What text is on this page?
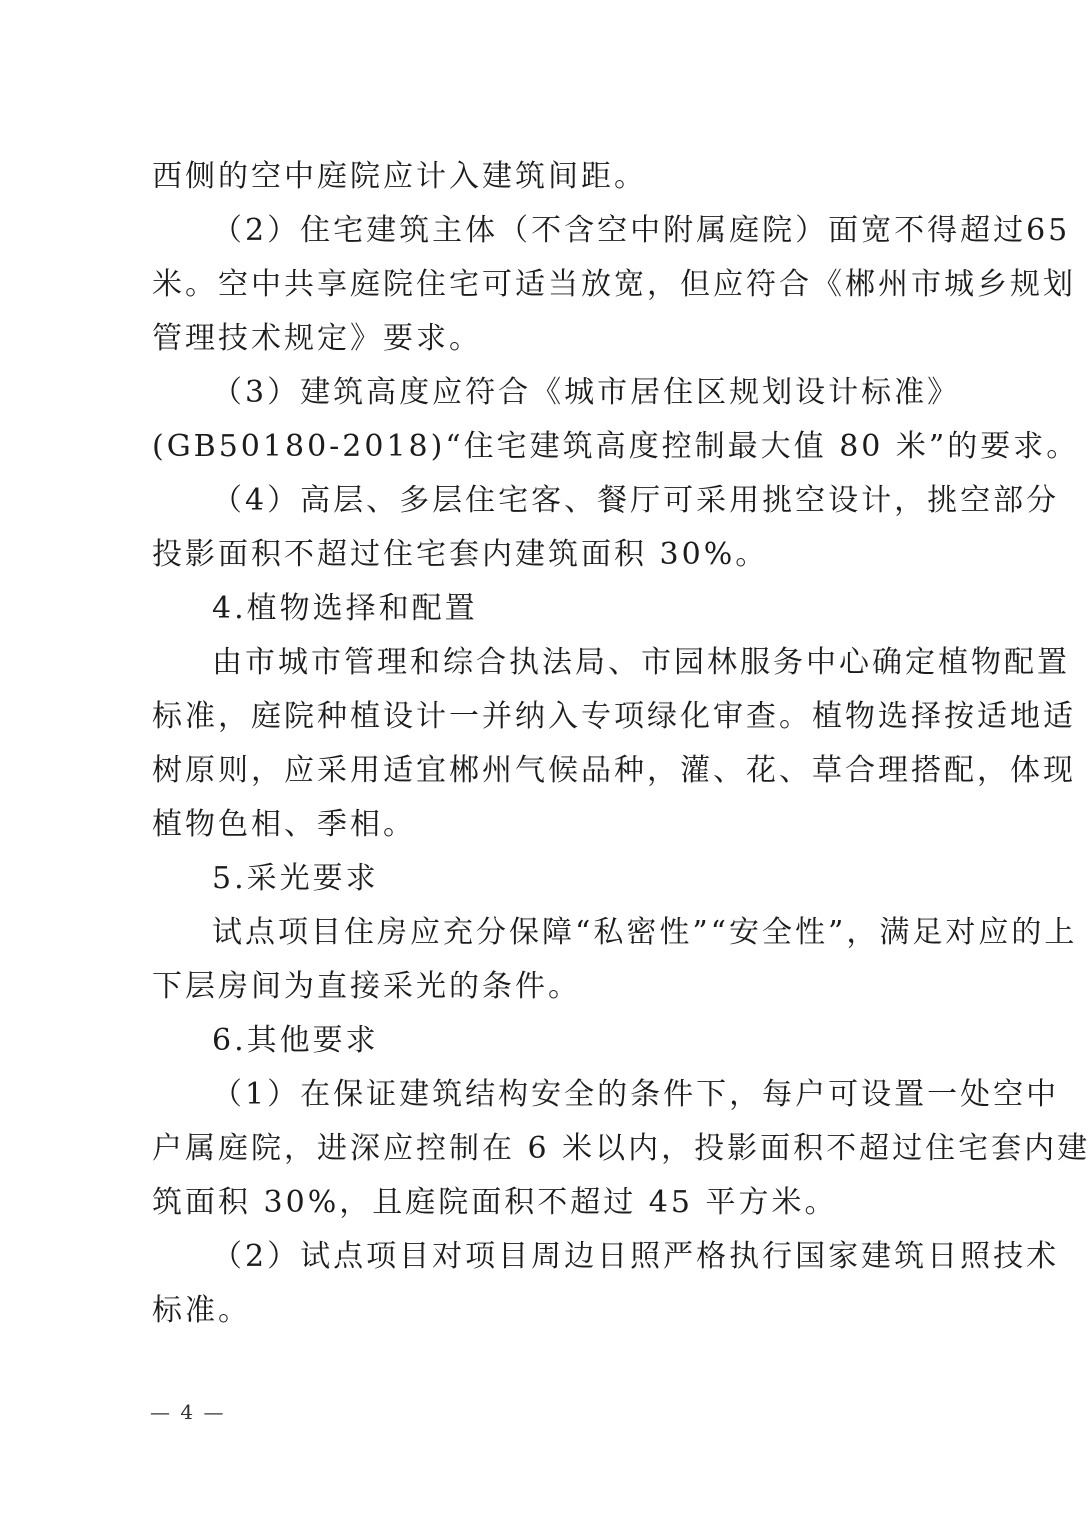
西侧的空中庭院应计入建筑间距。
（2）住宅建筑主体（不含空中附属庭院）面宽不得超过65
米。空中共享庭院住宅可适当放宽，但应符合《郴州市城乡规划
管理技术规定》要求。
（3）建筑高度应符合《城市居住区规划设计标准》
(GB50180-2018)“住宅建筑高度控制最大值 80 米”的要求。
（4）高层、多层住宅客、餐厅可采用挑空设计，挑空部分
投影面积不超过住宅套内建筑面积 30%。
4.植物选择和配置
由市城市管理和综合执法局、市园林服务中心确定植物配置
标准，庭院种植设计一并纳入专项绿化审查。植物选择按适地适
树原则，应采用适宜郴州气候品种，灌、花、草合理搭配，体现
植物色相、季相。
5.采光要求
试点项目住房应充分保障“私密性”“安全性”，满足对应的上
下层房间为直接采光的条件。
6.其他要求
（1）在保证建筑结构安全的条件下，每户可设置一处空中
户属庭院，进深应控制在 6 米以内，投影面积不超过住宅套内建
筑面积 30%，且庭院面积不超过 45 平方米。
（2）试点项目对项目周边日照严格执行国家建筑日照技术
标准。
— 4 —
